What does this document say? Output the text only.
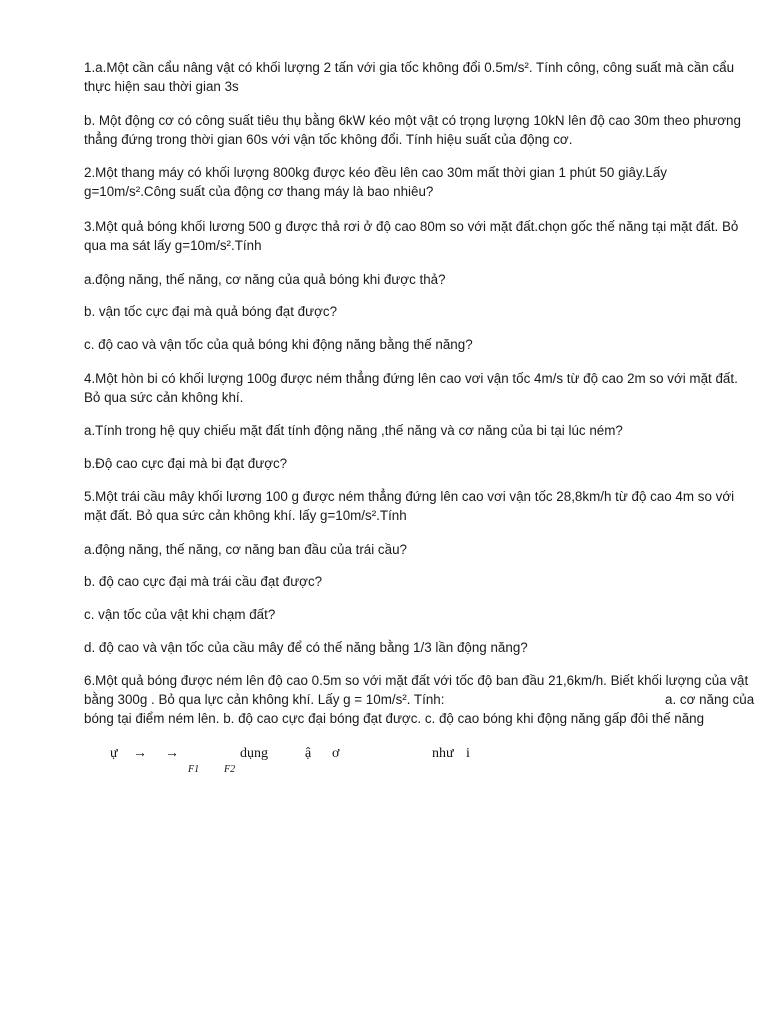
1.a.Một cần cẩu nâng vật có khối lượng 2 tấn với gia tốc không đổi 0.5m/s². Tính công, công suất mà cần cẩu thực hiện sau thời gian 3s

b. Một động cơ có công suất tiêu thụ bằng 6kW kéo một vật có trọng lượng 10kN lên độ cao 30m theo phương thẳng đứng trong thời gian 60s với vận tốc không đổi. Tính hiệu suất của động cơ.

2.Một thang máy có khối lượng 800kg được kéo đều lên cao 30m mất thời gian 1 phút 50 giây.Lấy g=10m/s².Công suất của động cơ thang máy là bao nhiêu?

3.Một quả bóng khối lương 500 g được thả rơi ở độ cao 80m so với mặt đất.chọn gốc thế năng tại mặt đất. Bỏ qua ma sát lấy g=10m/s².Tính

a.động năng, thế năng, cơ năng của quả bóng khi được thả?

b. vận tốc cực đại mà quả bóng đạt được?

c. độ cao và vận tốc của quả bóng khi động năng bằng thế năng?

4.Một hòn bi có khối lượng 100g được ném thẳng đứng lên cao vơi vận tốc 4m/s từ độ cao 2m so với mặt đất. Bỏ qua sức cản không khí.

a.Tính trong hệ quy chiếu mặt đất tính động năng ,thế năng và cơ năng của bi tại lúc ném?

b.Độ cao cực đại mà bi đạt được?

5.Một trái cầu mây khối lương 100 g được ném thẳng đứng lên cao vơi vận tốc 28,8km/h từ độ cao 4m so với mặt đất. Bỏ qua sức cản không khí. lấy g=10m/s².Tính

a.động năng, thế năng, cơ năng ban đầu của trái cầu?

b. độ cao cực đại mà trái cầu đạt được?

c. vận tốc của vật khi chạm đất?

d. độ cao và vận tốc của cầu mây để có thế năng bằng 1/3 lần động năng?

6.Một quả bóng được ném lên độ cao 0.5m so với mặt đất với tốc độ ban đầu 21,6km/h. Biết khối lượng của vật

bằng 300g . Bỏ qua lực cản không khí. Lấy g = 10m/s². Tính:	a. cơ năng của

bóng tại điểm ném lên. b. độ cao cực đại bóng đạt được. c. độ cao bóng khi động năng gấp đôi thế năng

ự → →	dụng	ậ ơ	như i
F1 F2
